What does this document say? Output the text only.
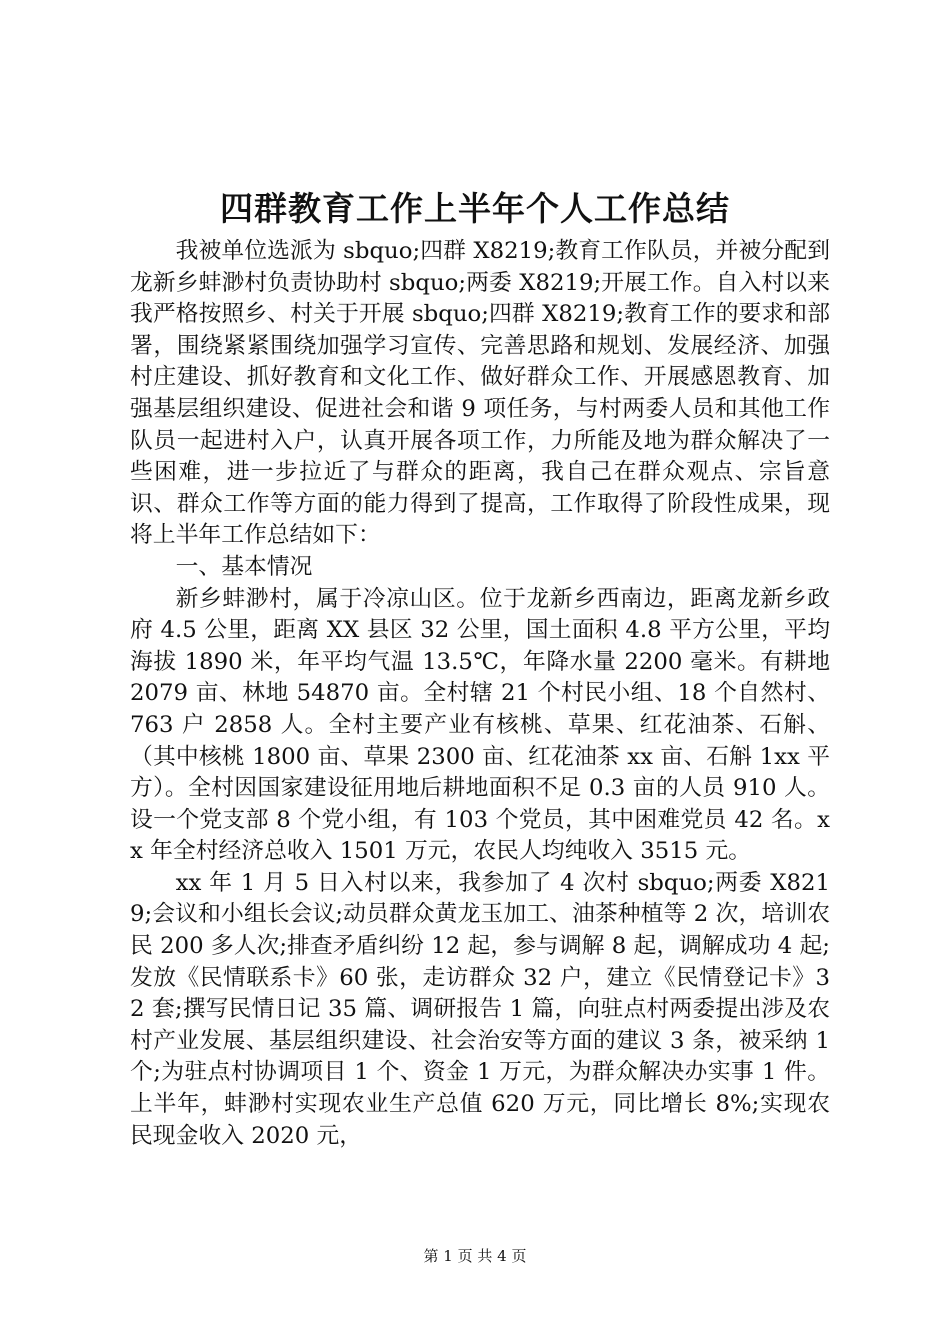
四群教育工作上半年个人工作总结

我被单位选派为 sbquo;四群 X8219;教育工作队员，并被分配到龙新乡蚌渺村负责协助村 sbquo;两委 X8219;开展工作。自入村以来我严格按照乡、村关于开展 sbquo;四群 X8219;教育工作的要求和部署，围绕紧紧围绕加强学习宣传、完善思路和规划、发展经济、加强村庄建设、抓好教育和文化工作、做好群众工作、开展感恩教育、加强基层组织建设、促进社会和谐 9 项任务，与村两委人员和其他工作队员一起进村入户，认真开展各项工作，力所能及地为群众解决了一些困难，进一步拉近了与群众的距离，我自己在群众观点、宗旨意识、群众工作等方面的能力得到了提高，工作取得了阶段性成果，现将上半年工作总结如下：

一、基本情况

新乡蚌渺村，属于冷凉山区。位于龙新乡西南边，距离龙新乡政府 4.5 公里，距离 XX 县区 32 公里，国土面积 4.8 平方公里，平均海拔 1890 米，年平均气温 13.5℃，年降水量 2200 毫米。有耕地 2079 亩、林地 54870 亩。全村辖 21 个村民小组、18 个自然村、763 户 2858 人。全村主要产业有核桃、草果、红花油茶、石斛、（其中核桃 1800 亩、草果 2300 亩、红花油茶 xx 亩、石斛 1xx 平方）。全村因国家建设征用地后耕地面积不足 0.3 亩的人员 910 人。设一个党支部 8 个党小组，有 103 个党员，其中困难党员 42 名。xx 年全村经济总收入 1501 万元，农民人均纯收入 3515 元。

xx 年 1 月 5 日入村以来，我参加了 4 次村 sbquo;两委 X8219;会议和小组长会议;动员群众黄龙玉加工、油茶种植等 2 次，培训农民 200 多人次;排查矛盾纠纷 12 起，参与调解 8 起，调解成功 4 起;发放《民情联系卡》60 张，走访群众 32 户，建立《民情登记卡》32 套;撰写民情日记 35 篇、调研报告 1 篇，向驻点村两委提出涉及农村产业发展、基层组织建设、社会治安等方面的建议 3 条，被采纳 1 个;为驻点村协调项目 1 个、资金 1 万元，为群众解决办实事 1 件。上半年，蚌渺村实现农业生产总值 620 万元，同比增长 8%;实现农民现金收入 2020 元，

第 1 页 共 4 页
